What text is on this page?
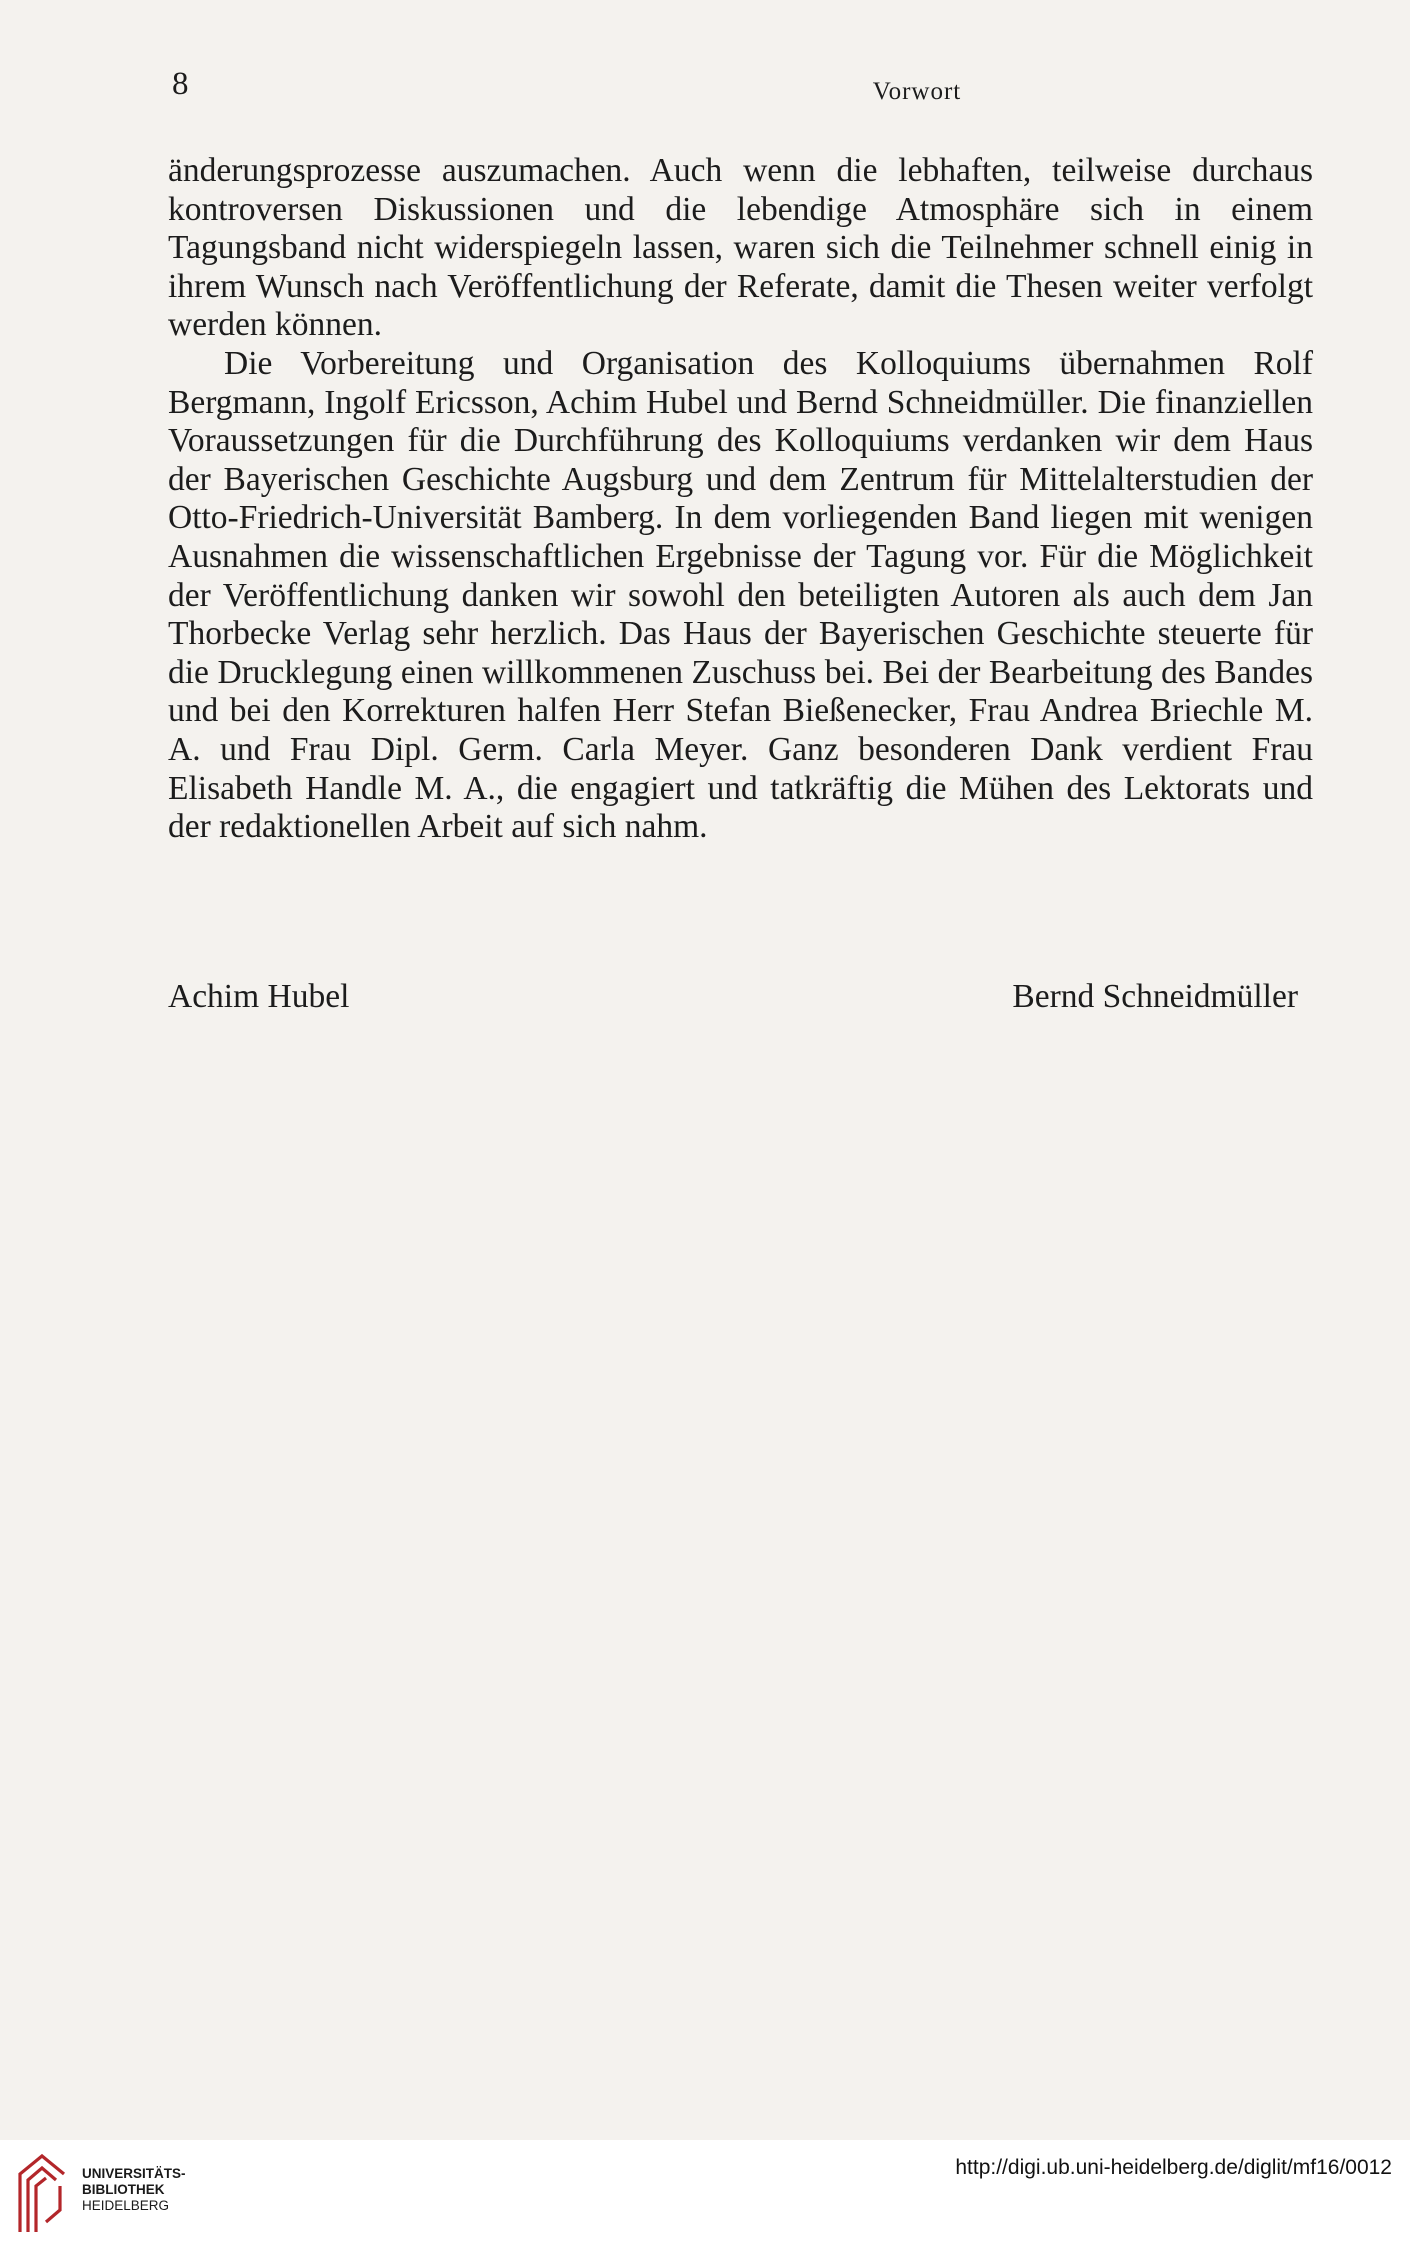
8	Vorwort

änderungsprozesse auszumachen. Auch wenn die lebhaften, teilweise durchaus kontroversen Diskussionen und die lebendige Atmosphäre sich in einem Tagungsband nicht widerspiegeln lassen, waren sich die Teilnehmer schnell einig in ihrem Wunsch nach Veröffentlichung der Referate, damit die Thesen weiter verfolgt werden können.

Die Vorbereitung und Organisation des Kolloquiums übernahmen Rolf Bergmann, Ingolf Ericsson, Achim Hubel und Bernd Schneidmüller. Die finanziellen Voraussetzungen für die Durchführung des Kolloquiums verdanken wir dem Haus der Bayerischen Geschichte Augsburg und dem Zentrum für Mittelalterstudien der Otto-Friedrich-Universität Bamberg. In dem vorliegenden Band liegen mit wenigen Ausnahmen die wissenschaftlichen Ergebnisse der Tagung vor. Für die Möglichkeit der Veröffentlichung danken wir sowohl den beteiligten Autoren als auch dem Jan Thorbecke Verlag sehr herzlich. Das Haus der Bayerischen Geschichte steuerte für die Drucklegung einen willkommenen Zuschuss bei. Bei der Bearbeitung des Bandes und bei den Korrekturen halfen Herr Stefan Bießenecker, Frau Andrea Briechle M. A. und Frau Dipl. Germ. Carla Meyer. Ganz besonderen Dank verdient Frau Elisabeth Handle M. A., die engagiert und tatkräftig die Mühen des Lektorats und der redaktionellen Arbeit auf sich nahm.

Achim Hubel	Bernd Schneidmüller
UNIVERSITÄTS-
BIBLIOTHEK
HEIDELBERG
http://digi.ub.uni-heidelberg.de/diglit/mf16/0012
